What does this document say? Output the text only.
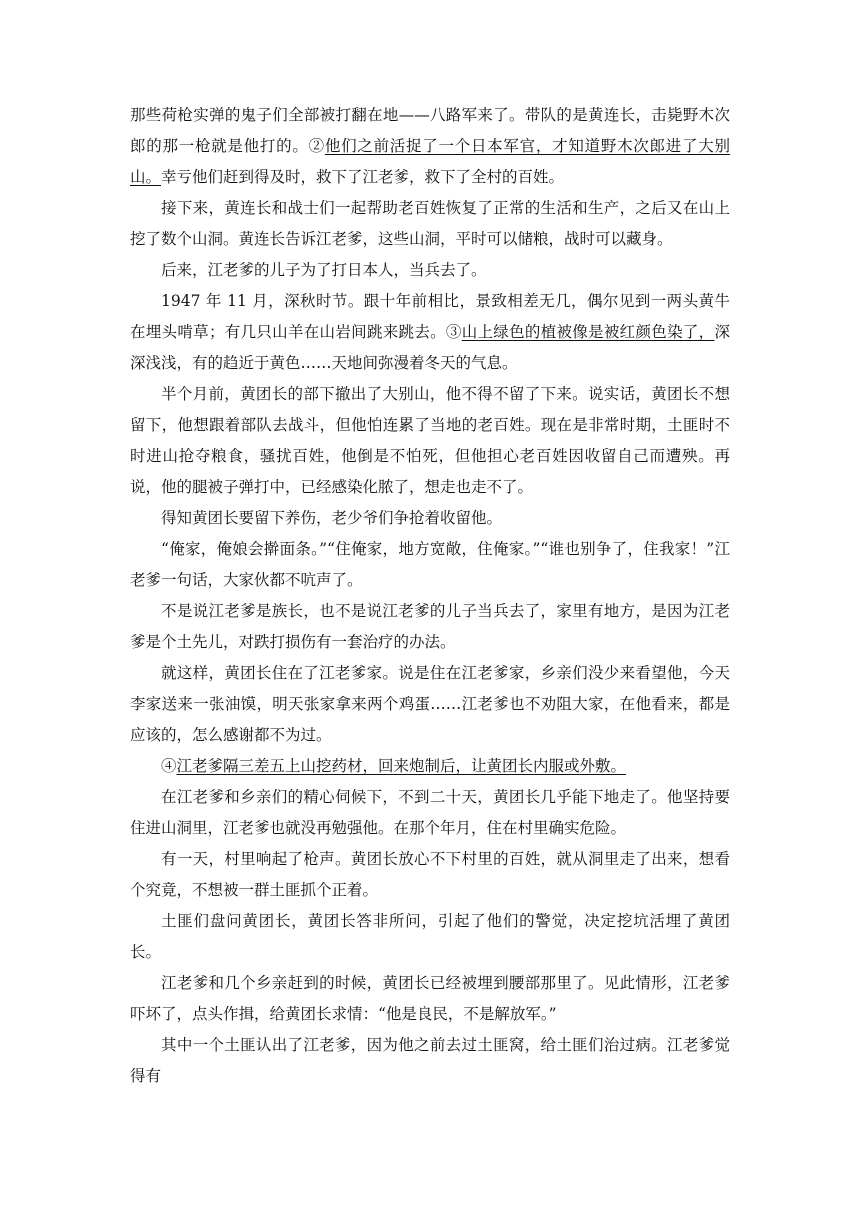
那些荷枪实弹的鬼子们全部被打翻在地——八路军来了。带队的是黄连长，击毙野木次郎的那一枪就是他打的。②他们之前活捉了一个日本军官，才知道野木次郎进了大别山。幸亏他们赶到得及时，救下了江老爹，救下了全村的百姓。

接下来，黄连长和战士们一起帮助老百姓恢复了正常的生活和生产，之后又在山上挖了数个山洞。黄连长告诉江老爹，这些山洞，平时可以储粮，战时可以藏身。

后来，江老爹的儿子为了打日本人，当兵去了。

1947 年 11 月，深秋时节。跟十年前相比，景致相差无几，偶尔见到一两头黄牛在埋头啃草；有几只山羊在山岩间跳来跳去。③山上绿色的植被像是被红颜色染了，深深浅浅，有的趋近于黄色……天地间弥漫着冬天的气息。

半个月前，黄团长的部下撤出了大别山，他不得不留了下来。说实话，黄团长不想留下，他想跟着部队去战斗，但他怕连累了当地的老百姓。现在是非常时期，土匪时不时进山抢夺粮食，骚扰百姓，他倒是不怕死，但他担心老百姓因收留自己而遭殃。再说，他的腿被子弹打中，已经感染化脓了，想走也走不了。

得知黄团长要留下养伤，老少爷们争抢着收留他。

“俺家，俺娘会擀面条。”“住俺家，地方宽敞，住俺家。”“谁也别争了，住我家！”江老爹一句话，大家伙都不吭声了。

不是说江老爹是族长，也不是说江老爹的儿子当兵去了，家里有地方，是因为江老爹是个土先儿，对跌打损伤有一套治疗的办法。

就这样，黄团长住在了江老爹家。说是住在江老爹家，乡亲们没少来看望他，今天李家送来一张油馍，明天张家拿来两个鸡蛋……江老爹也不劝阻大家，在他看来，都是应该的，怎么感谢都不为过。

④江老爹隔三差五上山挖药材，回来炮制后，让黄团长内服或外敷。

在江老爹和乡亲们的精心伺候下，不到二十天，黄团长几乎能下地走了。他坚持要住进山洞里，江老爹也就没再勉强他。在那个年月，住在村里确实危险。

有一天，村里响起了枪声。黄团长放心不下村里的百姓，就从洞里走了出来，想看个究竟，不想被一群土匪抓个正着。

土匪们盘问黄团长，黄团长答非所问，引起了他们的警觉，决定挖坑活埋了黄团长。

江老爹和几个乡亲赶到的时候，黄团长已经被埋到腰部那里了。见此情形，江老爹吓坏了，点头作揖，给黄团长求情：“他是良民，不是解放军。”

其中一个土匪认出了江老爹，因为他之前去过土匪窝，给土匪们治过病。江老爹觉得有
